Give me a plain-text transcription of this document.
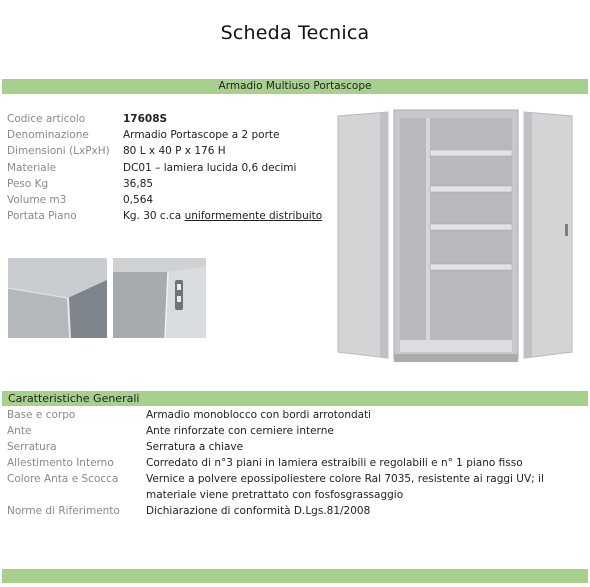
Scheda Tecnica
Armadio Multiuso Portascope
Codice articolo	17608S
Denominazione	Armadio Portascope a 2 porte
Dimensioni (LxPxH)	80 L x 40 P x 176 H
Materiale	DC01 – lamiera lucida 0,6 decimi
Peso Kg	36,85
Volume m3	0,564
Portata Piano	Kg. 30 c.ca uniformemente distribuito
Caratteristiche Generali
Base e corpo	Armadio monoblocco con bordi arrotondati
Ante	Ante rinforzate con cerniere interne
Serratura	Serratura a chiave
Allestimento Interno	Corredato di n°3 piani in lamiera estraibili e regolabili e n° 1 piano fisso
Colore Anta e Scocca	Vernice a polvere epossipoliestere colore Ral 7035, resistente ai raggi UV; il materiale viene pretrattato con fosfosgrassaggio
Norme di Riferimento	Dichiarazione di conformità D.Lgs.81/2008
